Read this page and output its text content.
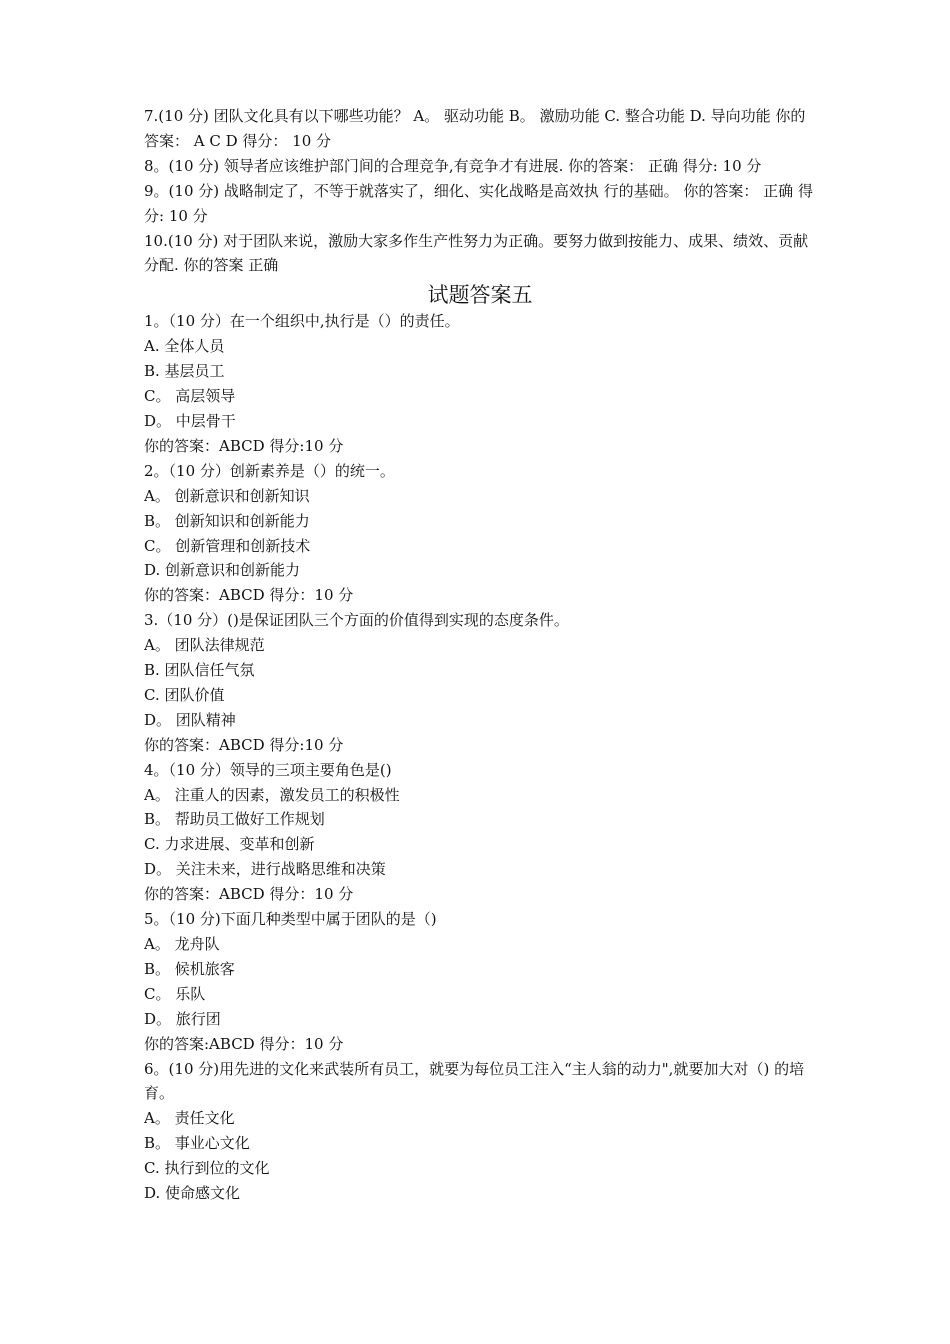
7.(10 分) 团队文化具有以下哪些功能？ A。 驱动功能 B。 激励功能 C. 整合功能 D. 导向功能 你的答案： A C D 得分： 10 分
8。(10 分) 领导者应该维护部门间的合理竞争,有竞争才有进展. 你的答案： 正确 得分: 10 分
9。(10 分) 战略制定了，不等于就落实了，细化、实化战略是高效执 行的基础。 你的答案： 正确 得分: 10 分
10.(10 分) 对于团队来说，激励大家多作生产性努力为正确。要努力做到按能力、成果、绩效、贡献分配. 你的答案 正确
试题答案五
1。（10 分）在一个组织中,执行是（）的责任。
A. 全体人员
B. 基层员工
C。 高层领导
D。 中层骨干
你的答案：ABCD 得分:10 分
2。（10 分）创新素养是（）的统一。
A。 创新意识和创新知识
B。 创新知识和创新能力
C。 创新管理和创新技术
D. 创新意识和创新能力
你的答案：ABCD 得分：10 分
3.（10 分）()是保证团队三个方面的价值得到实现的态度条件。
A。 团队法律规范
B. 团队信任气氛
C. 团队价值
D。 团队精神
你的答案：ABCD 得分:10 分
4。（10 分）领导的三项主要角色是()
A。 注重人的因素，激发员工的积极性
B。 帮助员工做好工作规划
C. 力求进展、变革和创新
D。 关注未来，进行战略思维和决策
你的答案：ABCD 得分：10 分
5。（10 分)下面几种类型中属于团队的是（)
A。 龙舟队
B。 候机旅客
C。 乐队
D。 旅行团
你的答案:ABCD 得分：10 分
6。(10 分)用先进的文化来武装所有员工，就要为每位员工注入“主人翁的动力",就要加大对（) 的培育。
A。 责任文化
B。 事业心文化
C. 执行到位的文化
D. 使命感文化
